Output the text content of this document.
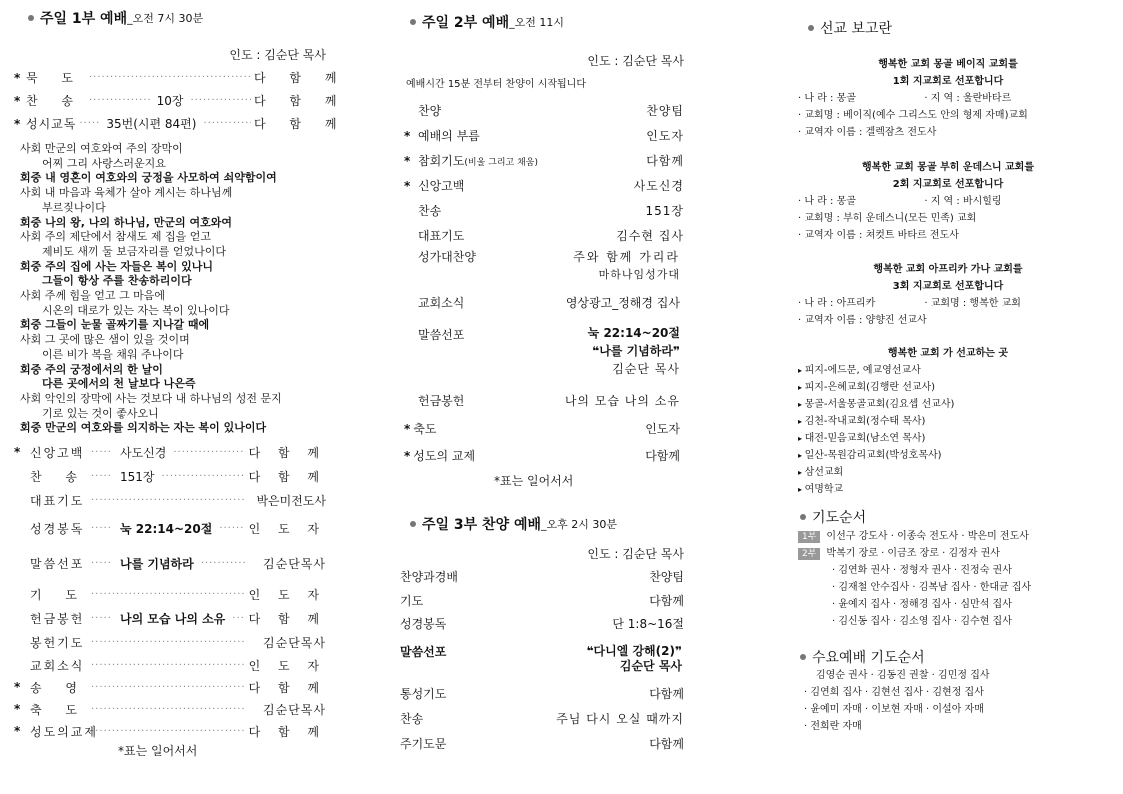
주일 1부 예배 _오전 7시 30분
인도 : 김순단 목사
* 묵 도 ·····	다 함 께
* 찬 송 ·····	10장 ·····	다 함 께
* 성시교독 ·····	35번(시편 84편) ·····	다 함 께
사회 만군의 여호와여 주의 장막이
어찌 그리 사랑스러운지요
회중 내 영혼이 여호와의 궁정을 사모하여 쇠약함이여
사회 내 마음과 육체가 살아 계시는 하나님께
부르짖나이다
회중 나의 왕, 나의 하나님, 만군의 여호와여
사회 주의 제단에서 참새도 제 집을 얻고
제비도 새끼 둘 보금자리를 얻었나이다
회중 주의 집에 사는 자들은 복이 있나니
그들이 항상 주를 찬송하리이다
사회 주께 힘을 얻고 그 마음에
시온의 대로가 있는 자는 복이 있나이다
회중 그들이 눈물 골짜기를 지나갈 때에
사회 그 곳에 많은 샘이 있을 것이며
이른 비가 복을 채워 주나이다
회중 주의 궁정에서의 한 날이
다른 곳에서의 천 날보다 나은즉
사회 악인의 장막에 사는 것보다 내 하나님의 성전 문지
기로 있는 것이 좋사오니
회중 만군의 여호와를 의지하는 자는 복이 있나이다
* 신앙고백 ·····	사도신경 ·····	다 함 께
찬 송 ·····	151장 ·····	다 함 께
대표기도 ·····	박은미전도사
성경봉독 ·····	눅 22:14~20절 ·····	인 도 자
말씀선포 ·····	나를 기념하라 ·····	김순단목사
기 도 ·····	인 도 자
헌금봉헌 ·····	나의 모습 나의 소유 ·····	다 함 께
봉헌기도 ·····	김순단목사
교회소식 ·····	인 도 자
* 송 영 ·····	다 함 께
* 축 도 ·····	김순단목사
* 성도의교제 ·····	다 함 께
*표는 일어서서
주일 2부 예배 _오전 11시
인도 : 김순단 목사
예배시간 15분 전부터 찬양이 시작됩니다
찬양	찬양팀
* 예배의 부름	인도자
* 참회기도(비울 그리고 채움)	다함께
* 신앙고백	사도신경
찬송	151장
대표기도	김수현 집사
성가대찬양	주와 함께 가리라
마하나임성가대
교회소식	영상광고_정해경 집사
말씀선포	눅 22:14~20절
❝나를 기념하라❞
김순단 목사
헌금봉헌	나의 모습 나의 소유
* 축도	인도자
* 성도의 교제	다함께
*표는 일어서서
주일 3부 찬양 예배 _오후 2시 30분
인도 : 김순단 목사
찬양과경배	찬양팀
기도	다함께
성경봉독	단 1:8~16절
말씀선포	❝다니엘 강해(2)❞
김순단 목사
통성기도	다함께
찬송	주님 다시 오실 때까지
주기도문	다함께
선교 보고란
행복한 교회 몽골 베이직 교회를
1회 지교회로 선포합니다
· 나 라 : 몽골	· 지 역 : 울란바타르
· 교회명 : 베이직(예수 그리스도 안의 형제 자매)교회
· 교역자 이름 : 겔렉잠츠 전도사
행복한 교회 몽골 부히 운데스니 교회를
2회 지교회로 선포합니다
· 나 라 : 몽골	· 지 역 : 바시힐링
· 교회명 : 부히 운데스니(모든 민족) 교회
· 교역자 이름 : 쳐컷트 바타르 전도사
행복한 교회 아프리카 가나 교회를
3회 지교회로 선포합니다
· 나 라 : 아프리카	· 교회명 : 행복한 교회
· 교역자 이름 : 양향진 선교사
행복한 교회 가 선교하는 곳
▸ 피지-에드문, 예교영선교사
▸ 피지-은혜교회(김행란 선교사)
▸ 몽골-서울몽골교회(김요셉 선교사)
▸ 김천-작내교회(정수태 목사)
▸ 대전-믿음교회(남소연 목사)
▸ 일산-목원감리교회(박성호목사)
▸ 삼선교회
▸ 여명학교
기도순서
1부 이선구 강도사 · 이종숙 전도사 · 박은미 전도사
2부 박복기 장로 · 이금조 장로 · 김정자 권사
· 김연화 권사 · 정형자 권사 · 진정숙 권사
· 김재철 안수집사 · 김복남 집사 · 한대균 집사
· 윤예지 집사 · 정해경 집사 · 심만석 집사
· 김신동 집사 · 김소영 집사 · 김수현 집사
수요예배 기도순서
김영순 권사 · 김동진 권찰 · 김민정 집사
· 김연희 집사 · 김현선 집사 · 김현정 집사
· 윤예미 자매 · 이보현 자매 · 이설아 자매
· 전희란 자매
